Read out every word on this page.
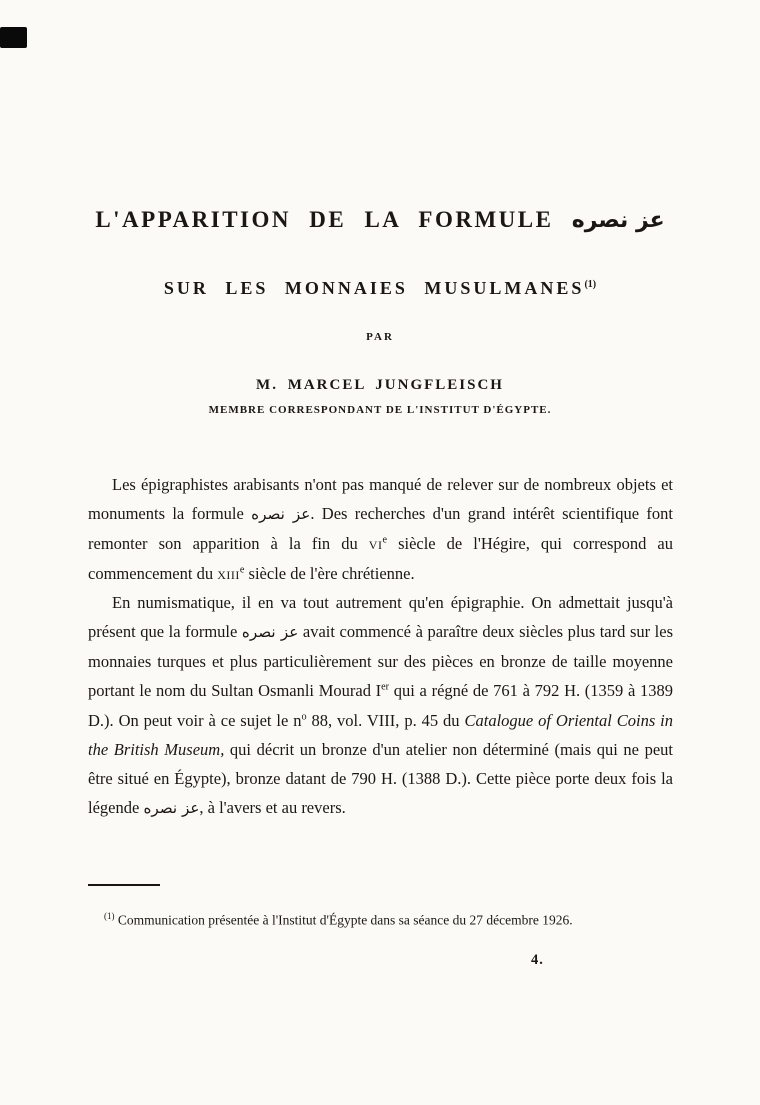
L'APPARITION DE LA FORMULE عز نصره
SUR LES MONNAIES MUSULMANES$^{(1)}$
PAR
M. MARCEL JUNGFLEISCH
MEMBRE CORRESPONDANT DE L'INSTITUT D'ÉGYPTE.

Les épigraphistes arabisants n'ont pas manqué de relever sur de nombreux objets et monuments la formule عز نصره. Des recherches d'un grand intérêt scientifique font remonter son apparition à la fin du $vi^e$ siècle de l'Hégire, qui correspond au commencement du xiii$^e$ siècle de l'ère chrétienne.

En numismatique, il en va tout autrement qu'en épigraphie. On admettait jusqu'à présent que la formule عز نصره avait commencé à paraître deux siècles plus tard sur les monnaies turques et plus particulièrement sur des pièces en bronze de taille moyenne portant le nom du Sultan Osmanli Mourad Ier qui a régné de 761 à 792 H. (1359 à 1389 D.). On peut voir à ce sujet le $n^o$ 88, vol. VIII, p. 45 du Catalogue of Oriental Coins in the British Museum, qui décrit un bronze d'un atelier non déterminé (mais qui ne peut être situé en Égypte), bronze datant de 790 H. (1388 D.). Cette pièce porte deux fois la légende عز نصره, à l'avers et au revers.

$^{(1)}$ Communication présentée à l'Institut d'Égypte dans sa séance du 27 décembre 1926.
4.
